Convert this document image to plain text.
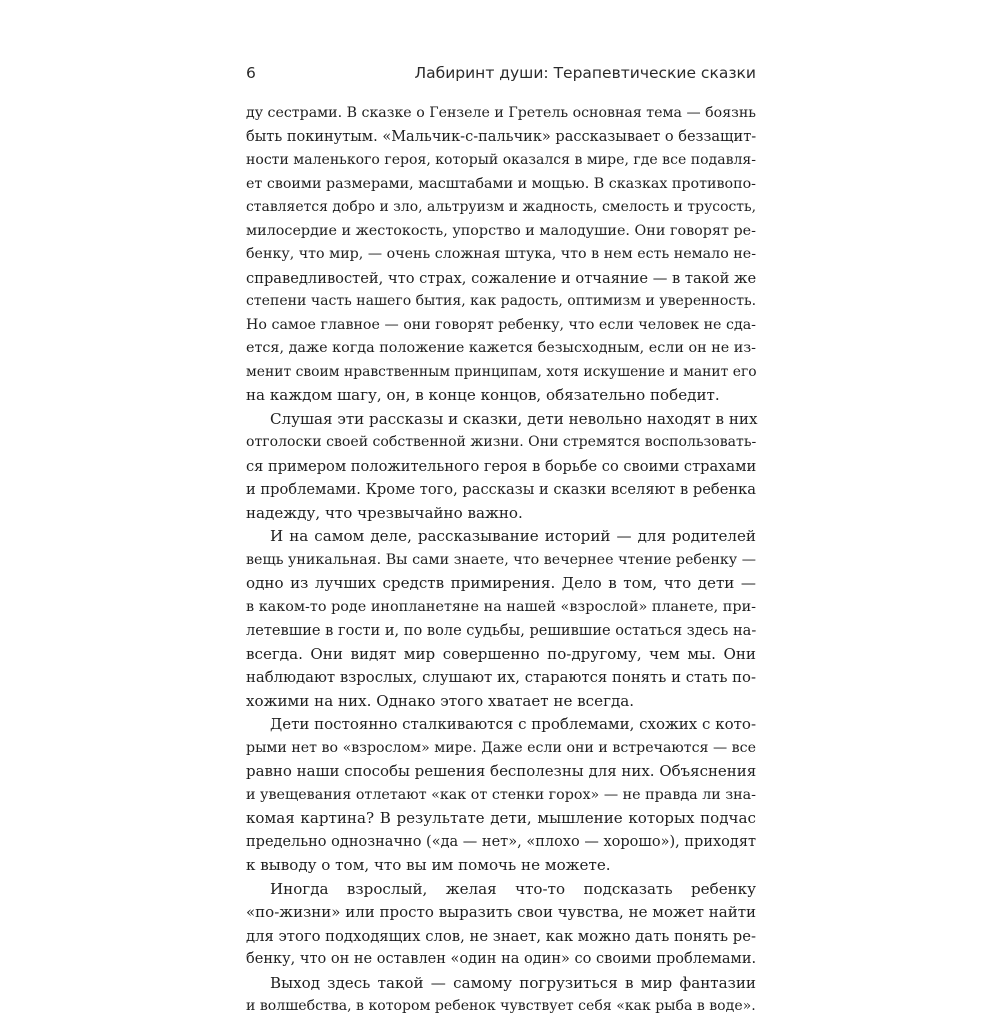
6	Лабиринт души: Терапевтические сказки
ду сестрами. В сказке о Гензеле и Гретель основная тема — боязнь
быть покинутым. «Мальчик-с-пальчик» рассказывает о беззащит-
ности маленького героя, который оказался в мире, где все подавля-
ет своими размерами, масштабами и мощью. В сказках противопо-
ставляется добро и зло, альтруизм и жадность, смелость и трусость,
милосердие и жестокость, упорство и малодушие. Они говорят ре-
бенку, что мир, — очень сложная штука, что в нем есть немало не-
справедливостей, что страх, сожаление и отчаяние — в такой же
степени часть нашего бытия, как радость, оптимизм и уверенность.
Но самое главное — они говорят ребенку, что если человек не сда-
ется, даже когда положение кажется безысходным, если он не из-
менит своим нравственным принципам, хотя искушение и манит его
на каждом шагу, он, в конце концов, обязательно победит.
Слушая эти рассказы и сказки, дети невольно находят в них
отголоски своей собственной жизни. Они стремятся воспользовать-
ся примером положительного героя в борьбе со своими страхами
и проблемами. Кроме того, рассказы и сказки вселяют в ребенка
надежду, что чрезвычайно важно.
И на самом деле, рассказывание историй — для родителей
вещь уникальная. Вы сами знаете, что вечернее чтение ребенку —
одно из лучших средств примирения. Дело в том, что дети —
в каком-то роде инопланетяне на нашей «взрослой» планете, при-
летевшие в гости и, по воле судьбы, решившие остаться здесь на-
всегда. Они видят мир совершенно по-другому, чем мы. Они
наблюдают взрослых, слушают их, стараются понять и стать по-
хожими на них. Однако этого хватает не всегда.
Дети постоянно сталкиваются с проблемами, схожих с кото-
рыми нет во «взрослом» мире. Даже если они и встречаются — все
равно наши способы решения бесполезны для них. Объяснения
и увещевания отлетают «как от стенки горох» — не правда ли зна-
комая картина? В результате дети, мышление которых подчас
предельно однозначно («да — нет», «плохо — хорошо»), приходят
к выводу о том, что вы им помочь не можете.
Иногда взрослый, желая что-то подсказать ребенку
«по-жизни» или просто выразить свои чувства, не может найти
для этого подходящих слов, не знает, как можно дать понять ре-
бенку, что он не оставлен «один на один» со своими проблемами.
Выход здесь такой — самому погрузиться в мир фантазии
и волшебства, в котором ребенок чувствует себя «как рыба в воде».
